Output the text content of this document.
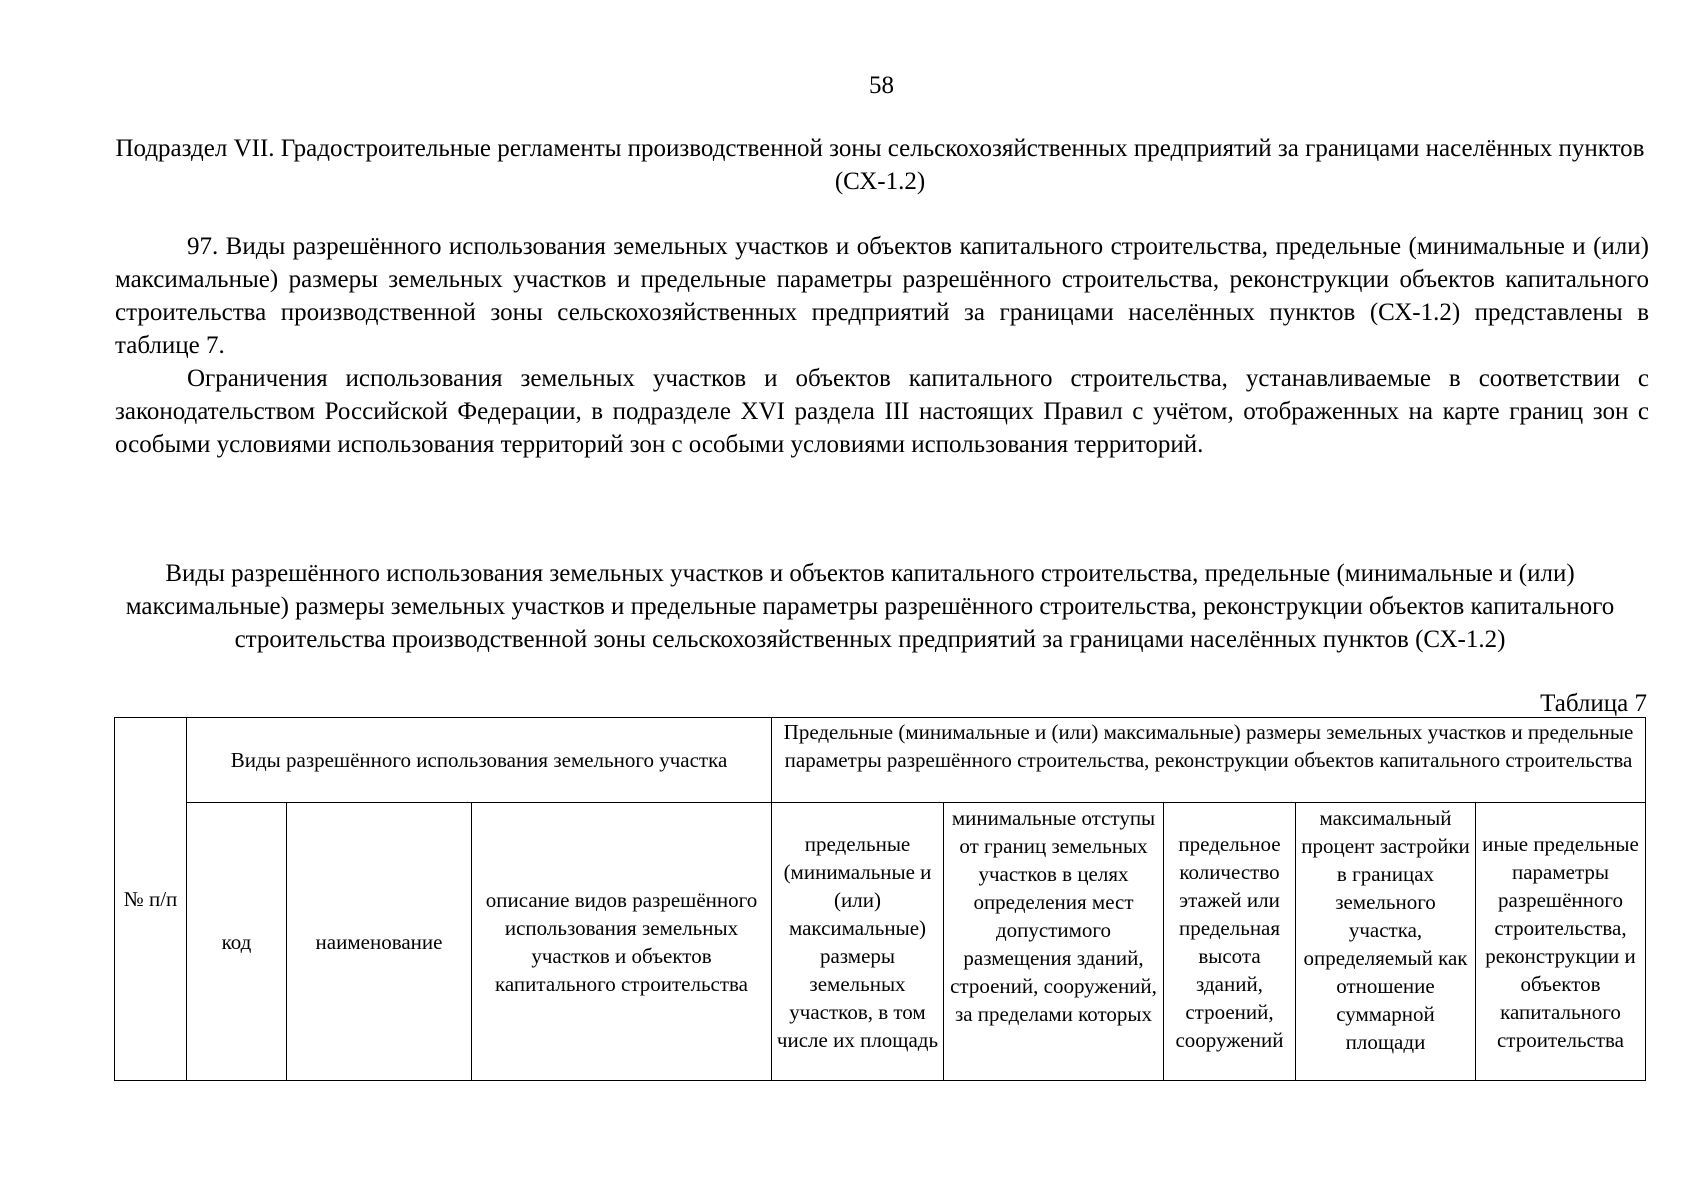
58
Подраздел VII. Градостроительные регламенты производственной зоны сельскохозяйственных предприятий за границами населённых пунктов (СХ-1.2)

97. Виды разрешённого использования земельных участков и объектов капитального строительства, предельные (минимальные и (или) максимальные) размеры земельных участков и предельные параметры разрешённого строительства, реконструкции объектов капитального строительства производственной зоны сельскохозяйственных предприятий за границами населённых пунктов (СХ-1.2) представлены в таблице 7.

Ограничения использования земельных участков и объектов капитального строительства, устанавливаемые в соответствии с законодательством Российской Федерации, в подразделе XVI раздела III настоящих Правил с учётом, отображенных на карте границ зон с особыми условиями использования территорий зон с особыми условиями использования территорий.

Виды разрешённого использования земельных участков и объектов капитального строительства, предельные (минимальные и (или) максимальные) размеры земельных участков и предельные параметры разрешённого строительства, реконструкции объектов капитального строительства производственной зоны сельскохозяйственных предприятий за границами населённых пунктов (СХ-1.2)
Таблица 7
№ п/п	Виды разрешённого использования земельного участка			Предельные (минимальные и (или) максимальные) размеры земельных участков и предельные параметры разрешённого строительства, реконструкции объектов капитального строительства				

	код	наименование	описание видов разрешённого использования земельных участков и объектов капитального строительства	предельные (минимальные и (или) максимальные) размеры земельных участков, в том числе их площадь	минимальные отступы от границ земельных участков в целях определения мест допустимого размещения зданий, строений, сооружений, за пределами которых	предельное количество этажей или предельная высота зданий, строений, сооружений	максимальный процент застройки в границах земельного участка, определяемый как отношение суммарной площади	иные предельные параметры разрешённого строительства, реконструкции и объектов капитального строительства
